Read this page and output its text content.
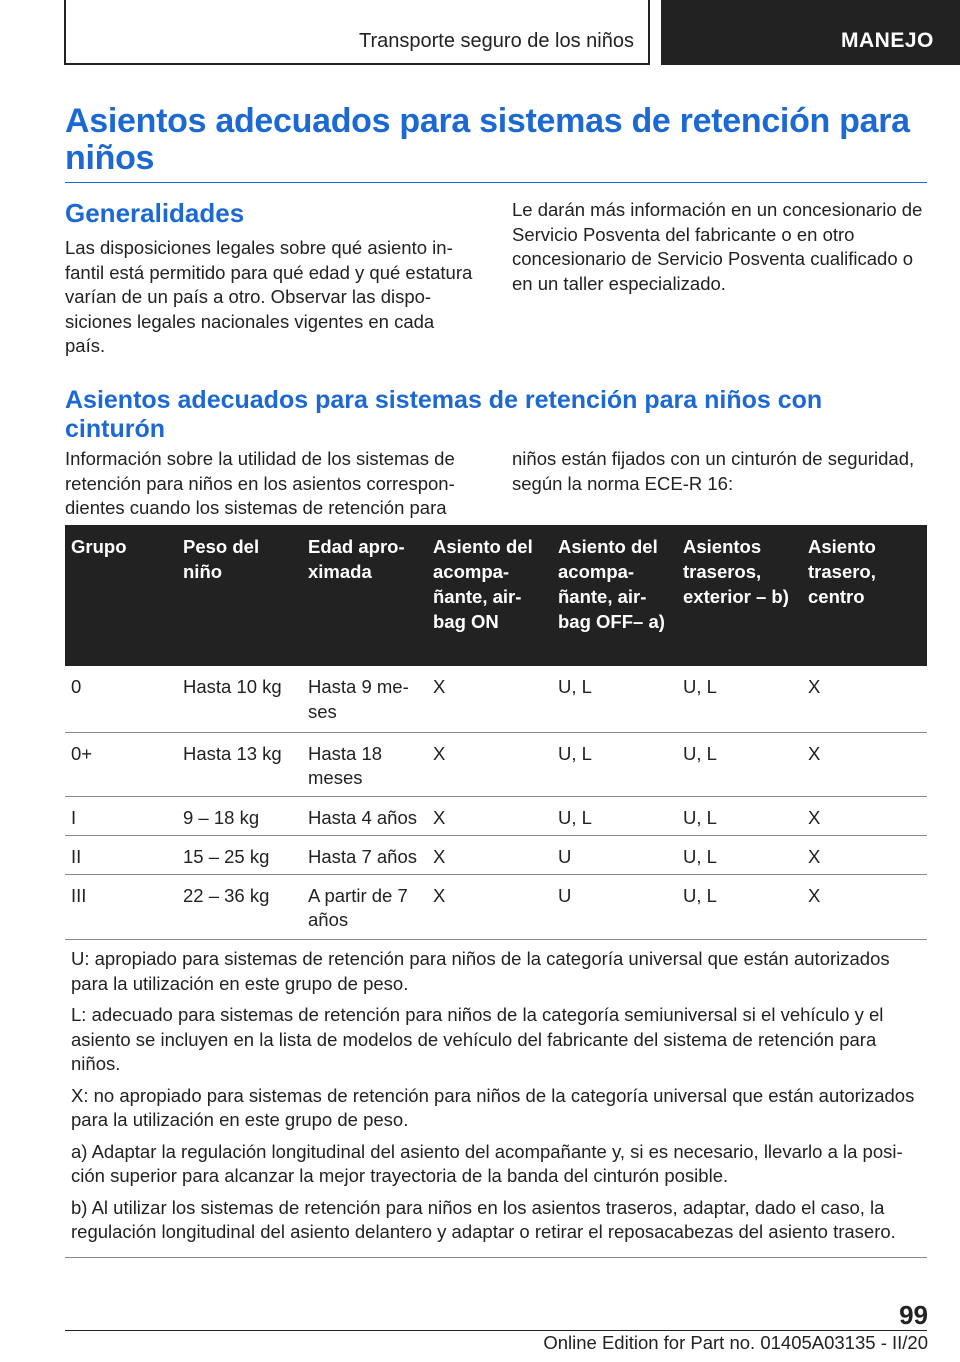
Transporte seguro de los niños	MANEJO
Asientos adecuados para sistemas de retención para niños
Generalidades

Las disposiciones legales sobre qué asiento infantil está permitido para qué edad y qué estatura varían de un país a otro. Observar las disposiciones legales nacionales vigentes en cada país.

Le darán más información en un concesionario de Servicio Posventa del fabricante o en otro concesionario de Servicio Posventa cualificado o en un taller especializado.

Asientos adecuados para sistemas de retención para niños con cinturón

Información sobre la utilidad de los sistemas de retención para niños en los asientos correspondientes cuando los sistemas de retención para

niños están fijados con un cinturón de seguridad, según la norma ECE-R 16:

Grupo	Peso del niño	Edad aproximada	Asiento del acompañante, airbag ON	Asiento del acompañante, airbag OFF– a)	Asientos traseros, exterior – b)	Asiento trasero, centro
0	Hasta 10 kg	Hasta 9 meses	X	U, L	U, L	X
0+	Hasta 13 kg	Hasta 18 meses	X	U, L	U, L	X
I	9 – 18 kg	Hasta 4 años	X	U, L	U, L	X
II	15 – 25 kg	Hasta 7 años	X	U	U, L	X
III	22 – 36 kg	A partir de 7 años	X	U	U, L	X

U: apropiado para sistemas de retención para niños de la categoría universal que están autorizados para la utilización en este grupo de peso.

L: adecuado para sistemas de retención para niños de la categoría semiuniversal si el vehículo y el asiento se incluyen en la lista de modelos de vehículo del fabricante del sistema de retención para niños.

X: no apropiado para sistemas de retención para niños de la categoría universal que están autorizados para la utilización en este grupo de peso.

a) Adaptar la regulación longitudinal del asiento del acompañante y, si es necesario, llevarlo a la posición superior para alcanzar la mejor trayectoria de la banda del cinturón posible.

b) Al utilizar los sistemas de retención para niños en los asientos traseros, adaptar, dado el caso, la regulación longitudinal del asiento delantero y adaptar o retirar el reposacabezas del asiento trasero.

99
Online Edition for Part no. 01405A03135 - II/20
